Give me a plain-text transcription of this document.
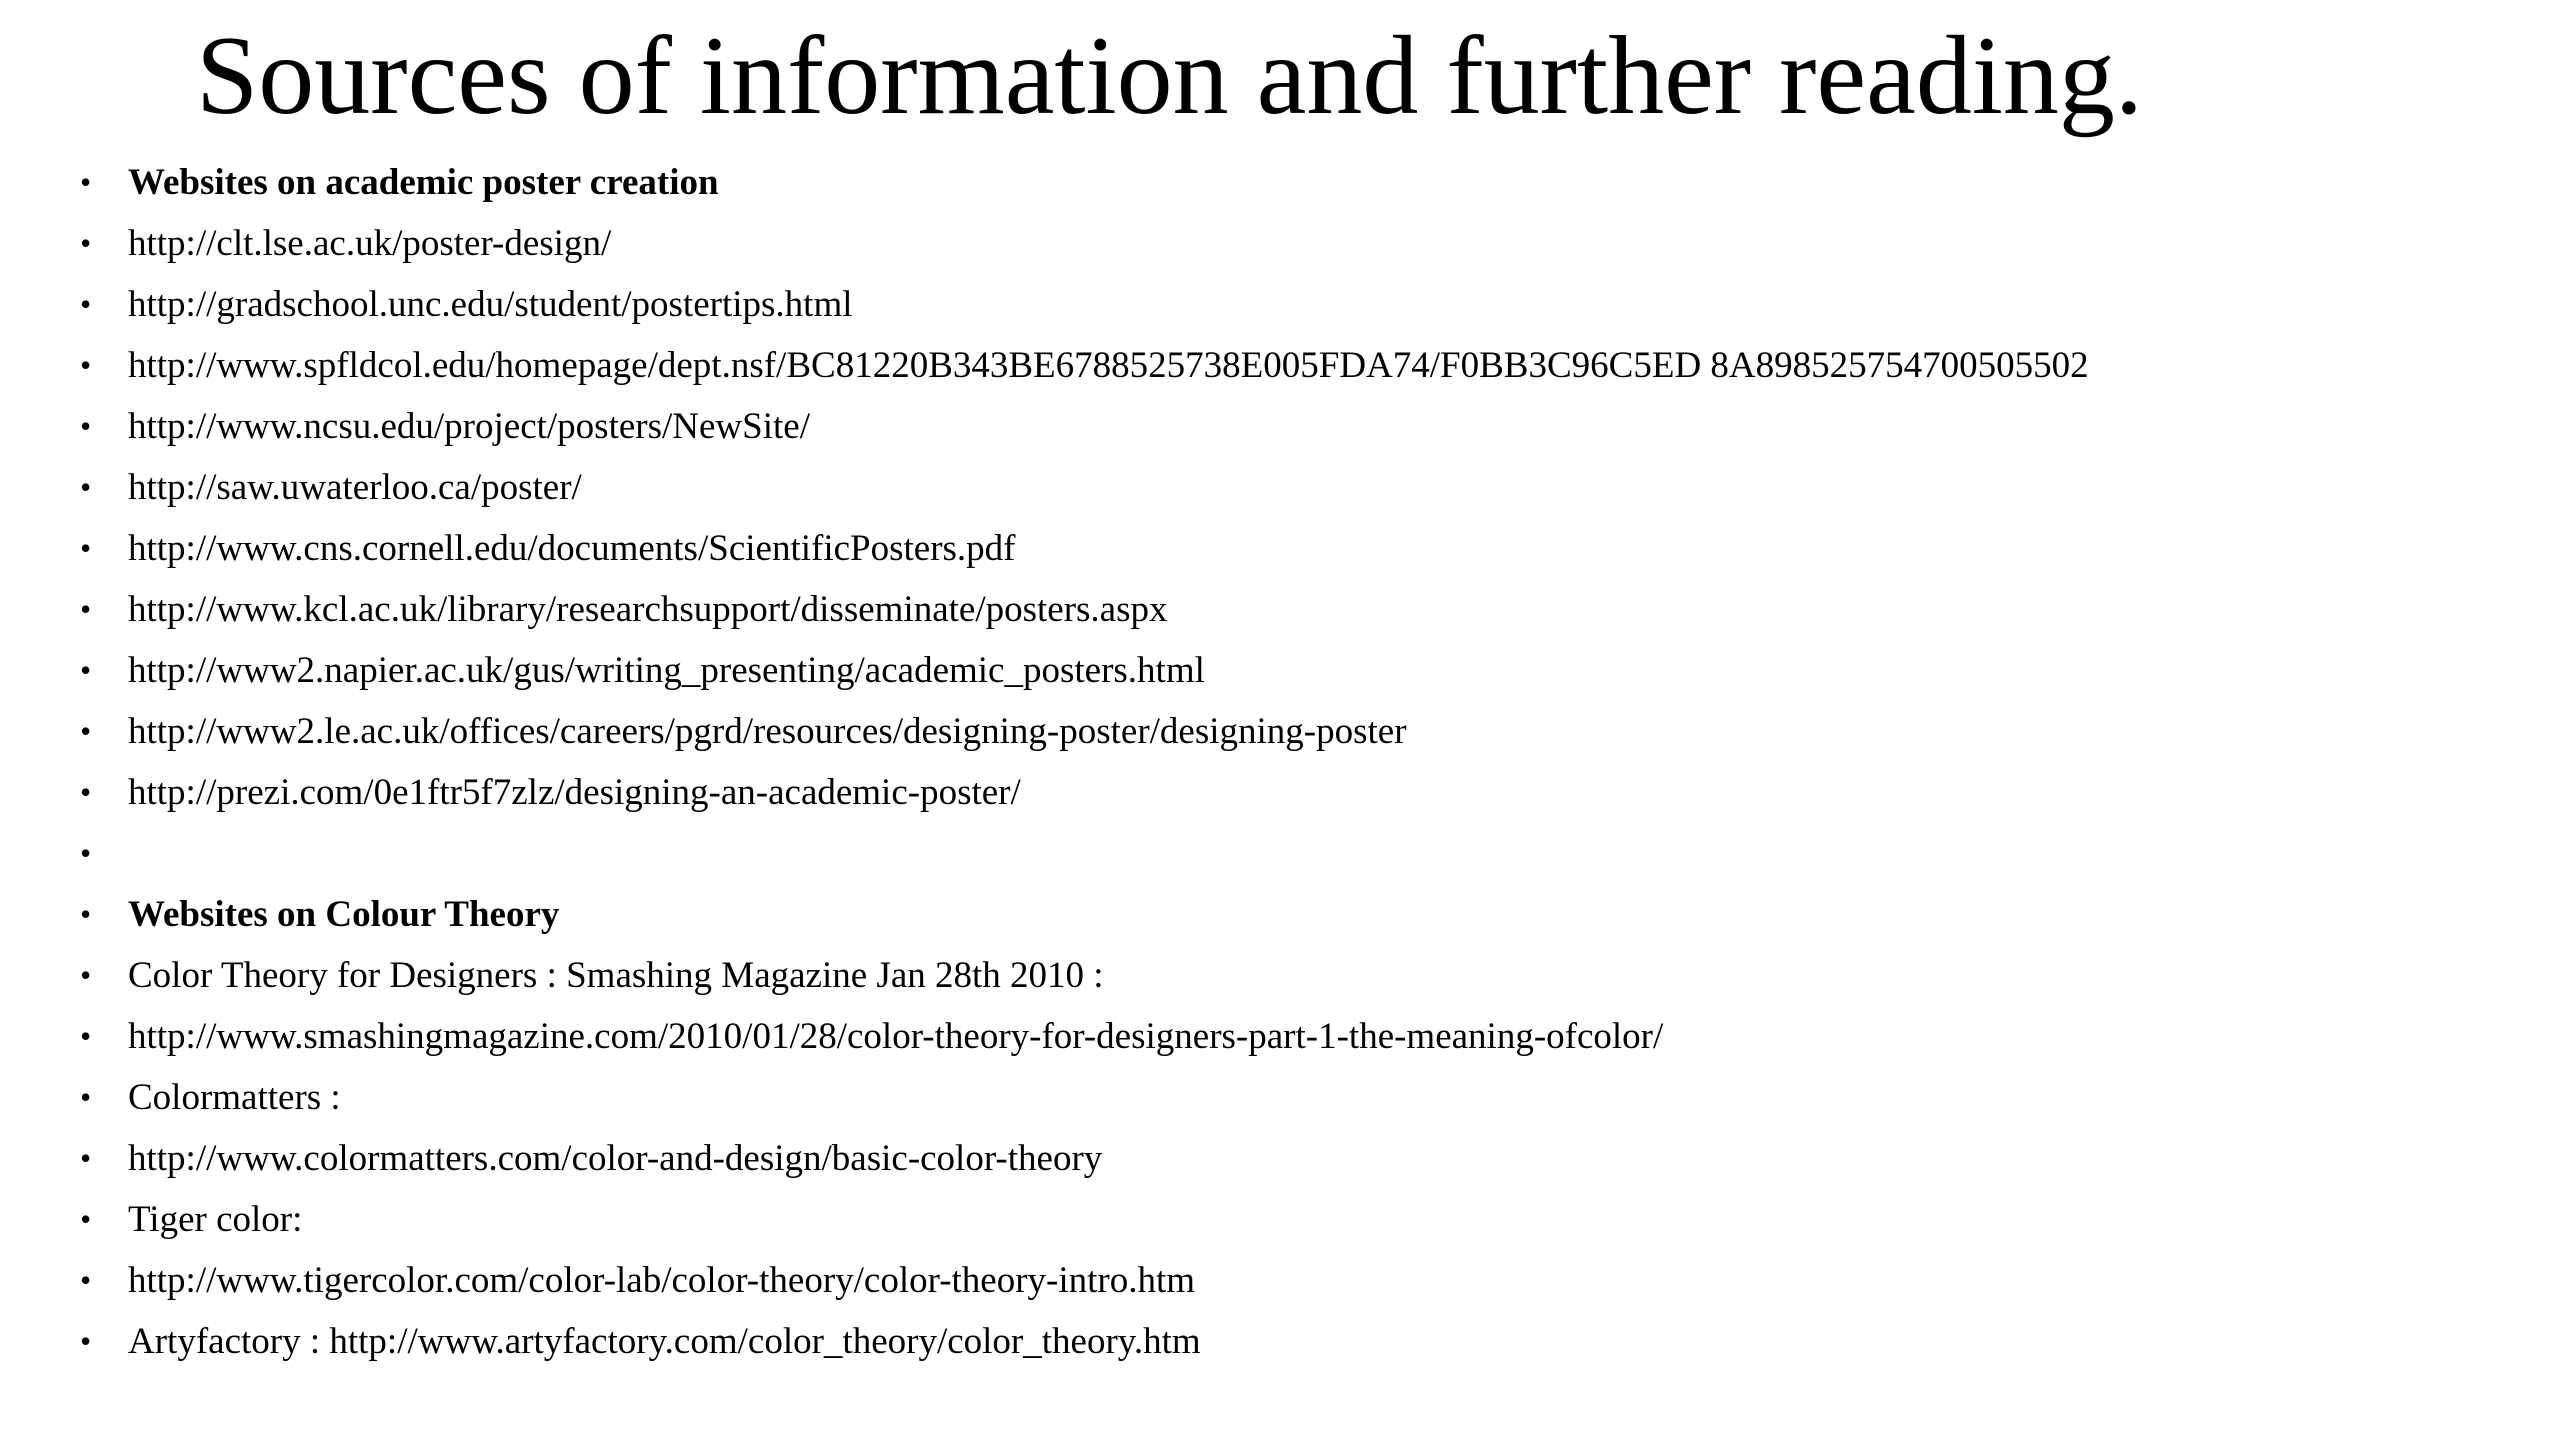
Sources of information and further reading.
• Websites on academic poster creation
• http://clt.lse.ac.uk/poster-design/
• http://gradschool.unc.edu/student/postertips.html
• http://www.spfldcol.edu/homepage/dept.nsf/BC81220B343BE6788525738E005FDA74/F0BB3C96C5ED 8A898525754700505502
• http://www.ncsu.edu/project/posters/NewSite/
• http://saw.uwaterloo.ca/poster/
• http://www.cns.cornell.edu/documents/ScientificPosters.pdf
• http://www.kcl.ac.uk/library/researchsupport/disseminate/posters.aspx
• http://www2.napier.ac.uk/gus/writing_presenting/academic_posters.html
• http://www2.le.ac.uk/offices/careers/pgrd/resources/designing-poster/designing-poster
• http://prezi.com/0e1ftr5f7zlz/designing-an-academic-poster/
•
• Websites on Colour Theory
• Color Theory for Designers : Smashing Magazine Jan 28th 2010 :
• http://www.smashingmagazine.com/2010/01/28/color-theory-for-designers-part-1-the-meaning-ofcolor/
• Colormatters :
• http://www.colormatters.com/color-and-design/basic-color-theory
• Tiger color:
• http://www.tigercolor.com/color-lab/color-theory/color-theory-intro.htm
• Artyfactory : http://www.artyfactory.com/color_theory/color_theory.htm
